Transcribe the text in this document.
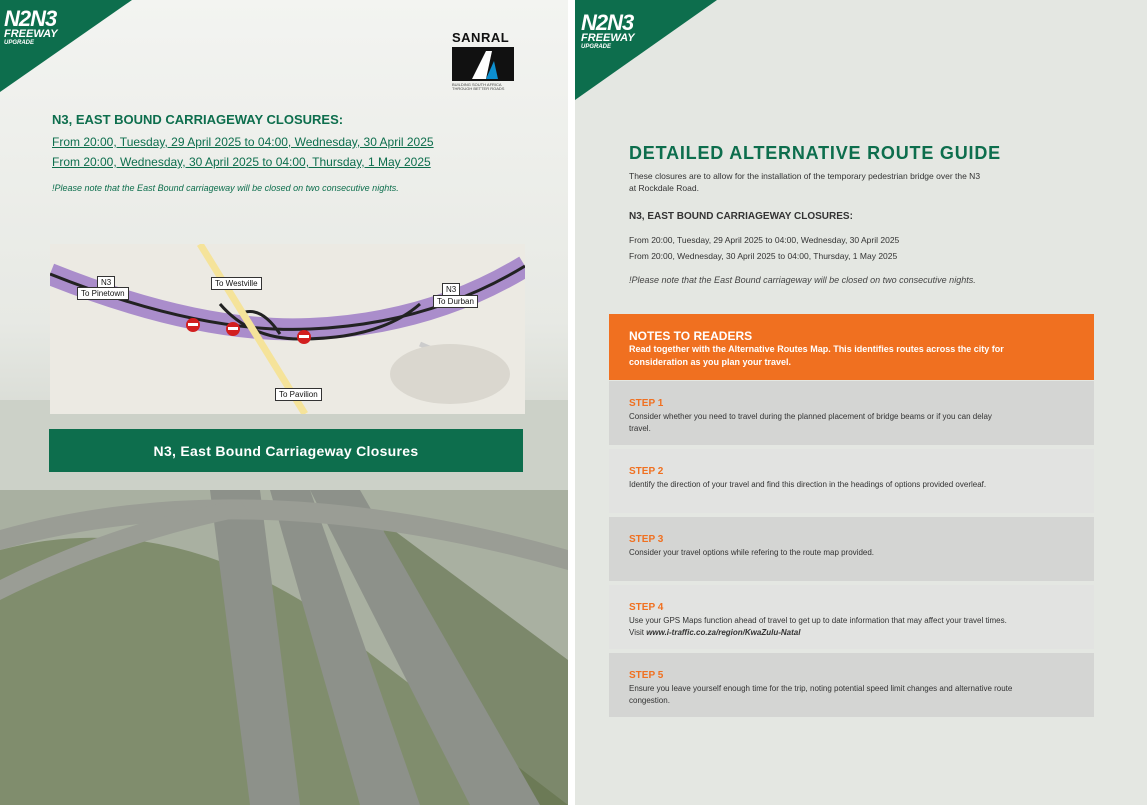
N2N3
FREEWAY
UPGRADE	SANRAL
BUILDING SOUTH AFRICA THROUGH BETTER ROADS
N3, EAST BOUND CARRIAGEWAY CLOSURES:
From 20:00, Tuesday, 29 April 2025 to 04:00, Wednesday, 30 April 2025
From 20:00, Wednesday, 30 April 2025 to 04:00, Thursday, 1 May 2025
!Please note that the East Bound carriageway will be closed on two consecutive nights.
N3
To Pinetown
To Westville
N3
To Durban
To Pavilion
N3, East Bound Carriageway Closures
N2N3
FREEWAY
UPGRADE
DETAILED ALTERNATIVE ROUTE GUIDE
These closures are to allow for the installation of the temporary pedestrian bridge over the N3 at Rockdale Road.
N3, EAST BOUND CARRIAGEWAY CLOSURES:
From 20:00, Tuesday, 29 April 2025 to 04:00, Wednesday, 30 April 2025
From 20:00, Wednesday, 30 April 2025 to 04:00, Thursday, 1 May 2025
!Please note that the East Bound carriageway will be closed on two consecutive nights.
NOTES TO READERS
Read together with the Alternative Routes Map. This identifies routes across the city for consideration as you plan your travel.
STEP 1
Consider whether you need to travel during the planned placement of bridge beams or if you can delay travel.
STEP 2
Identify the direction of your travel and find this direction in the headings of options provided overleaf.
STEP 3
Consider your travel options while refering to the route map provided.
STEP 4
Use your GPS Maps function ahead of travel to get up to date information that may affect your travel times. Visit www.i-traffic.co.za/region/KwaZulu-Natal
STEP 5
Ensure you leave yourself enough time for the trip, noting potential speed limit changes and alternative route congestion.
